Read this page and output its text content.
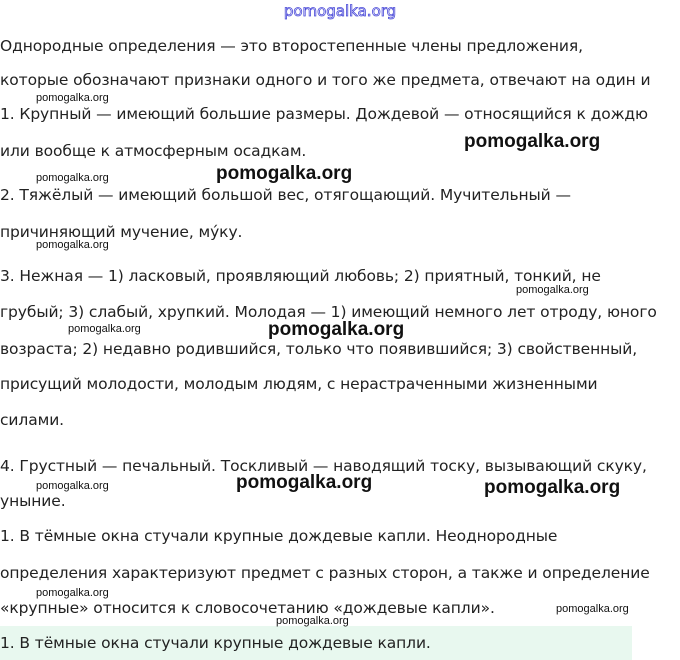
pomogalka.org

Однородные определения — это второстепенные члены предложения,

которые обозначают признаки одного и того же предмета, отвечают на один и

1. Крупный — имеющий большие размеры. Дождевой — относящийся к дождю

или вообще к атмосферным осадкам.

2. Тяжёлый — имеющий большой вес, отягощающий. Мучительный —

причиняющий мучение, му́ку.

3. Нежная — 1) ласковый, проявляющий любовь; 2) приятный, тонкий, не

грубый; 3) слабый, хрупкий. Молодая — 1) имеющий немного лет отроду, юного

возраста; 2) недавно родившийся, только что появившийся; 3) свойственный,

присущий молодости, молодым людям, с нерастраченными жизненными

силами.

4. Грустный — печальный. Тоскливый — наводящий тоску, вызывающий скуку,

уныние.

1. В тёмные окна стучали крупные дождевые капли. Неоднородные

определения характеризуют предмет с разных сторон, а также и определение

«крупные» относится к словосочетанию «дождевые капли».

1. В тёмные окна стучали крупные дождевые капли.

pomogalka.org
pomogalka.org
pomogalka.org
pomogalka.org
pomogalka.org
pomogalka.org
pomogalka.org
pomogalka.org
pomogalka.org
pomogalka.org
pomogalka.org
pomogalka.org
pomogalka.org	pomogalka.org
